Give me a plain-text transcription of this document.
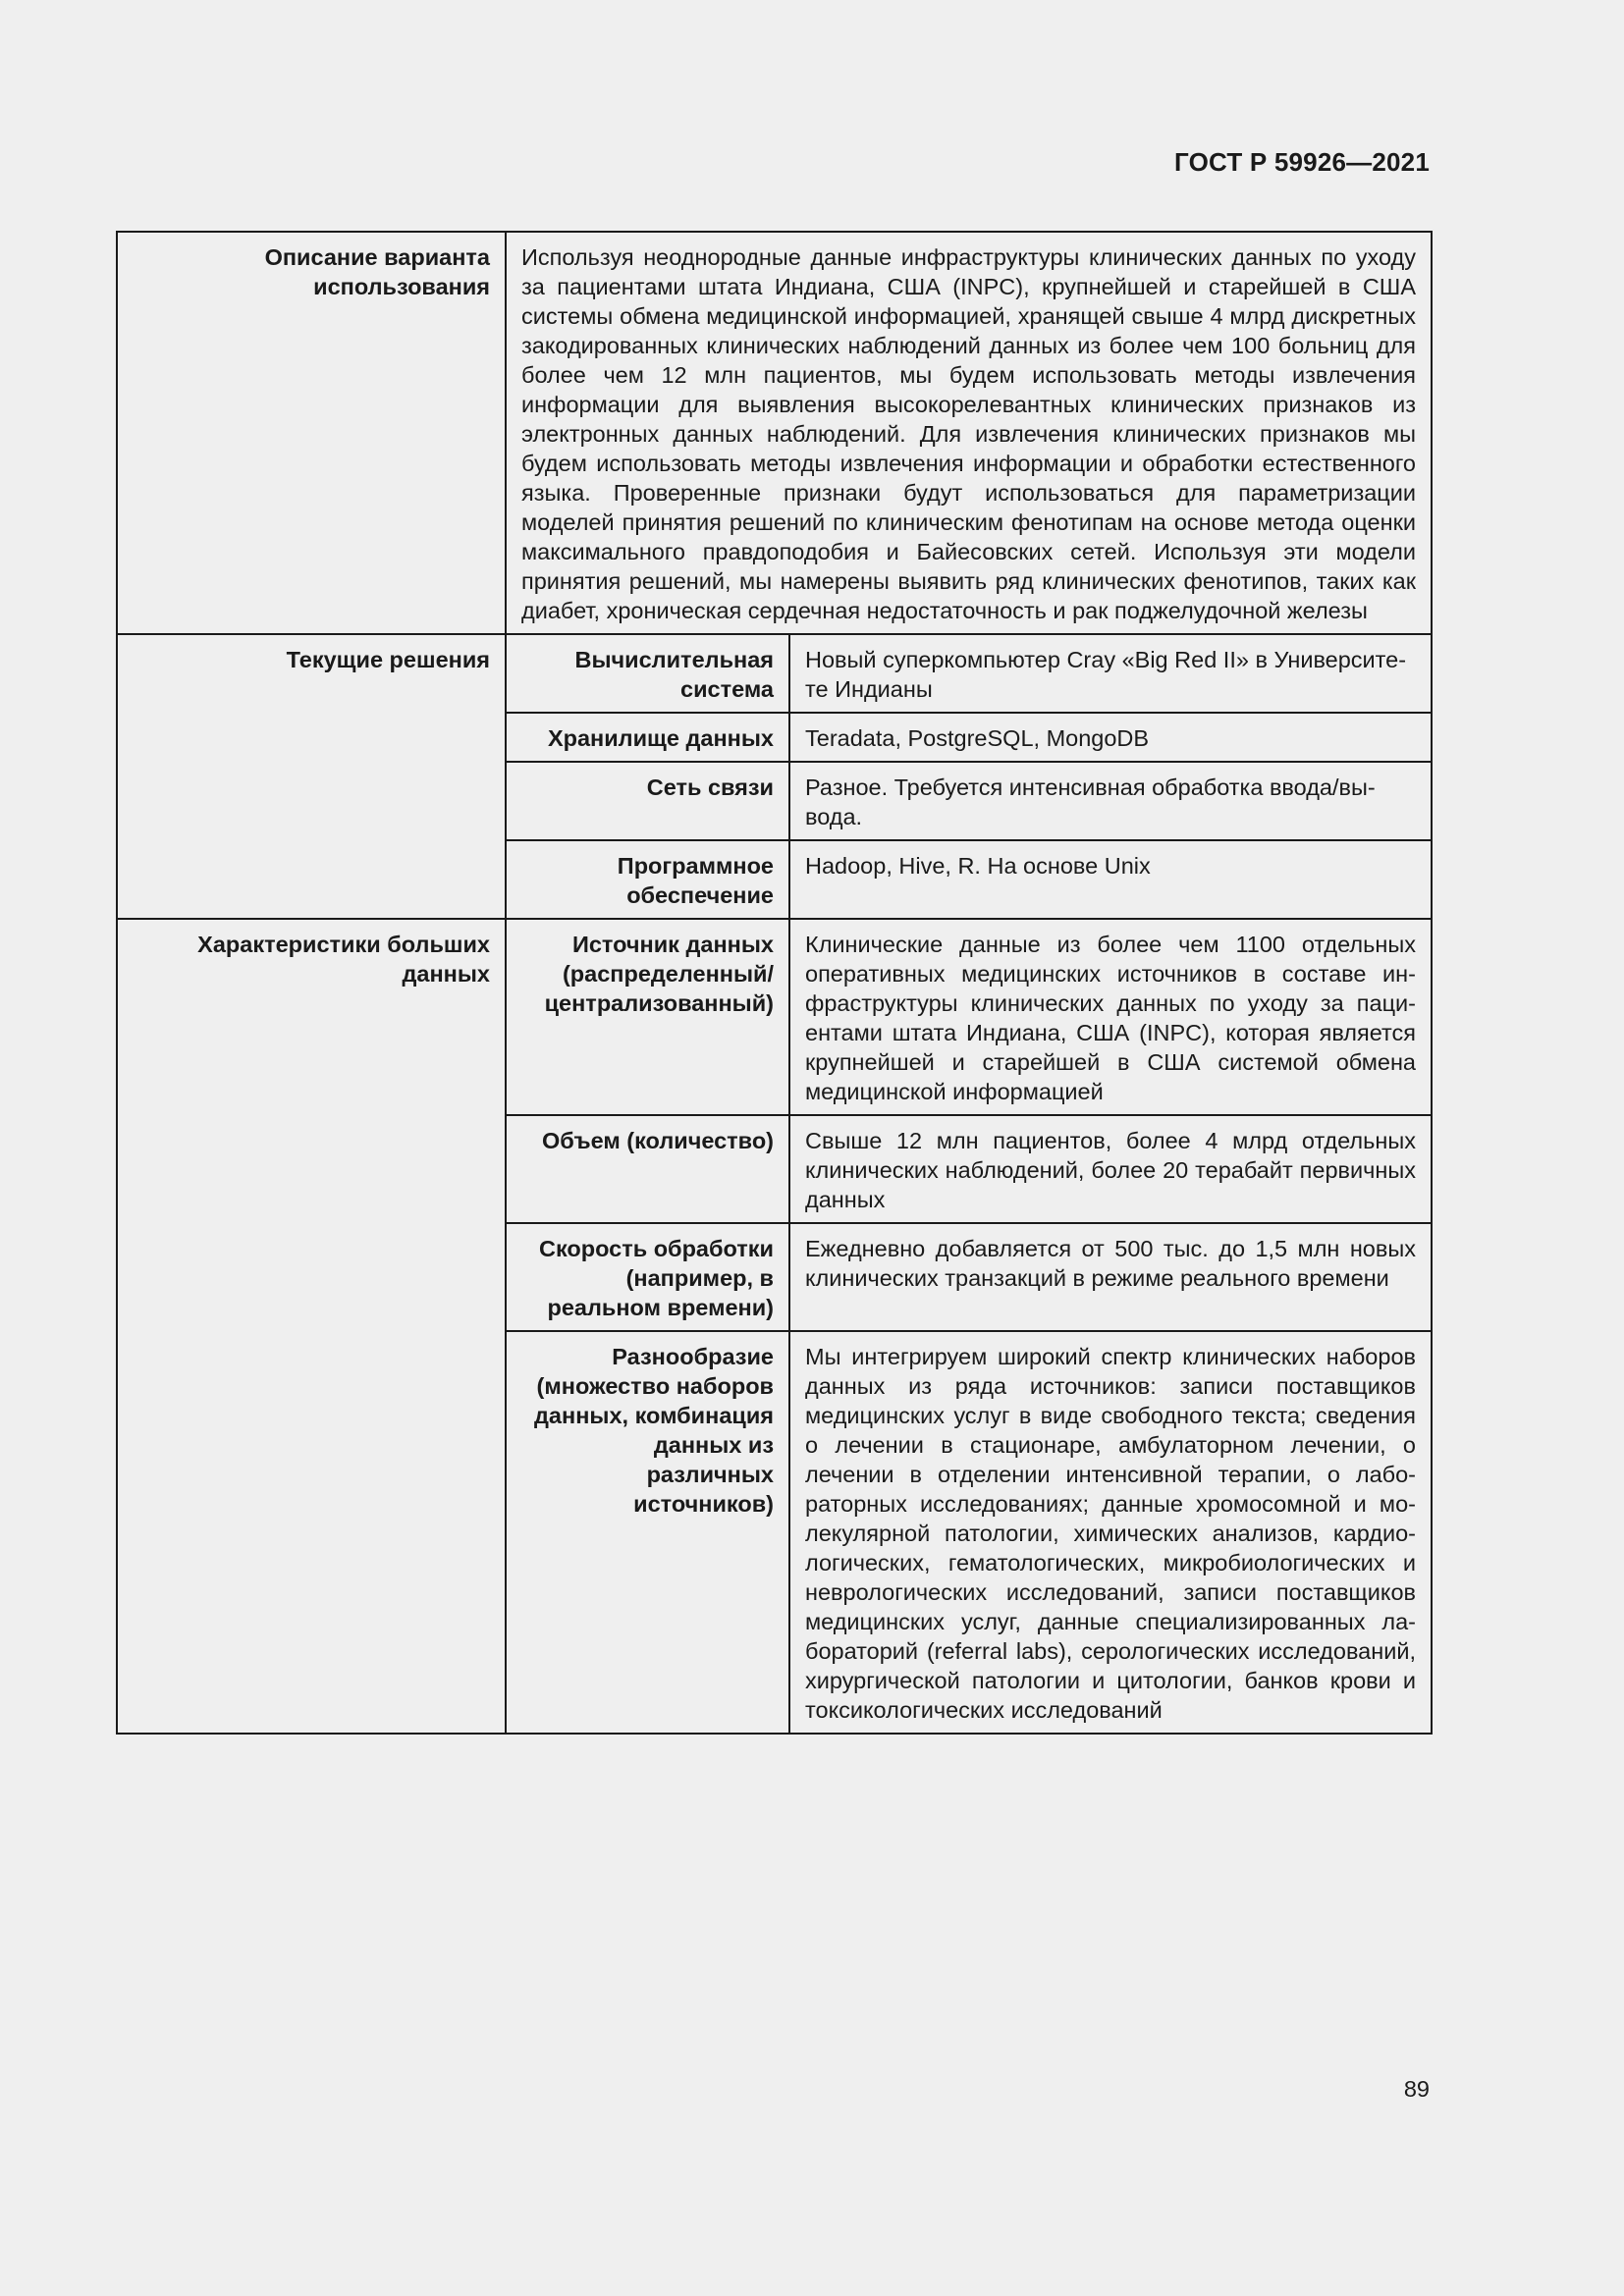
ГОСТ Р 59926—2021
Описание варианта использования	Используя неоднородные данные инфраструктуры клинических данных по уходу за пациентами штата Индиана, США (INPC), крупнейшей и старейшей в США системы обмена медицинской информацией, хранящей свыше 4 млрд дискретных закодированных клинических наблюдений данных из более чем 100 больниц для более чем 12 млн пациентов, мы будем использовать методы извлечения информации для выявления высокорелевантных клинических признаков из электронных данных наблюдений. Для извлечения клинических признаков мы будем использовать методы извлечения информации и обработки естественного языка. Проверенные признаки будут использоваться для параметризации моделей принятия решений по клиническим фенотипам на основе метода оценки максимального правдоподобия и Байесовских сетей. Используя эти модели принятия решений, мы намерены выявить ряд клинических фенотипов, таких как диабет, хроническая сердечная недостаточность и рак поджелудочной железы	
Текущие решения	Вычислительная система	Новый суперкомпьютер Cray «Big Red II» в Университете Индианы
	Хранилище данных	Teradata, PostgreSQL, MongoDB
	Сеть связи	Разное. Требуется интенсивная обработка ввода/вывода.
	Программное обеспечение	Hadoop, Hive, R. На основе Unix
Характеристики больших данных	Источник данных (распределенный/ централизованный)	Клинические данные из более чем 1100 отдельных оперативных медицинских источников в составе инфраструктуры клинических данных по уходу за пациентами штата Индиана, США (INPC), которая является крупнейшей и старейшей в США системой обмена медицинской информацией
	Объем (количество)	Свыше 12 млн пациентов, более 4 млрд отдельных клинических наблюдений, более 20 терабайт первичных данных
	Скорость обработки (например, в реальном времени)	Ежедневно добавляется от 500 тыс. до 1,5 млн новых клинических транзакций в режиме реального времени
	Разнообразие (множество наборов данных, комбинация данных из различных источников)	Мы интегрируем широкий спектр клинических наборов данных из ряда источников: записи поставщиков медицинских услуг в виде свободного текста; сведения о лечении в стационаре, амбулаторном лечении, о лечении в отделении интенсивной терапии, о лабораторных исследованиях; данные хромосомной и молекулярной патологии, химических анализов, кардиологических, гематологических, микробиологических и неврологических исследований, записи поставщиков медицинских услуг, данные специализированных лабораторий (referral labs), серологических исследований, хирургической патологии и цитологии, банков крови и токсикологических исследований
89
